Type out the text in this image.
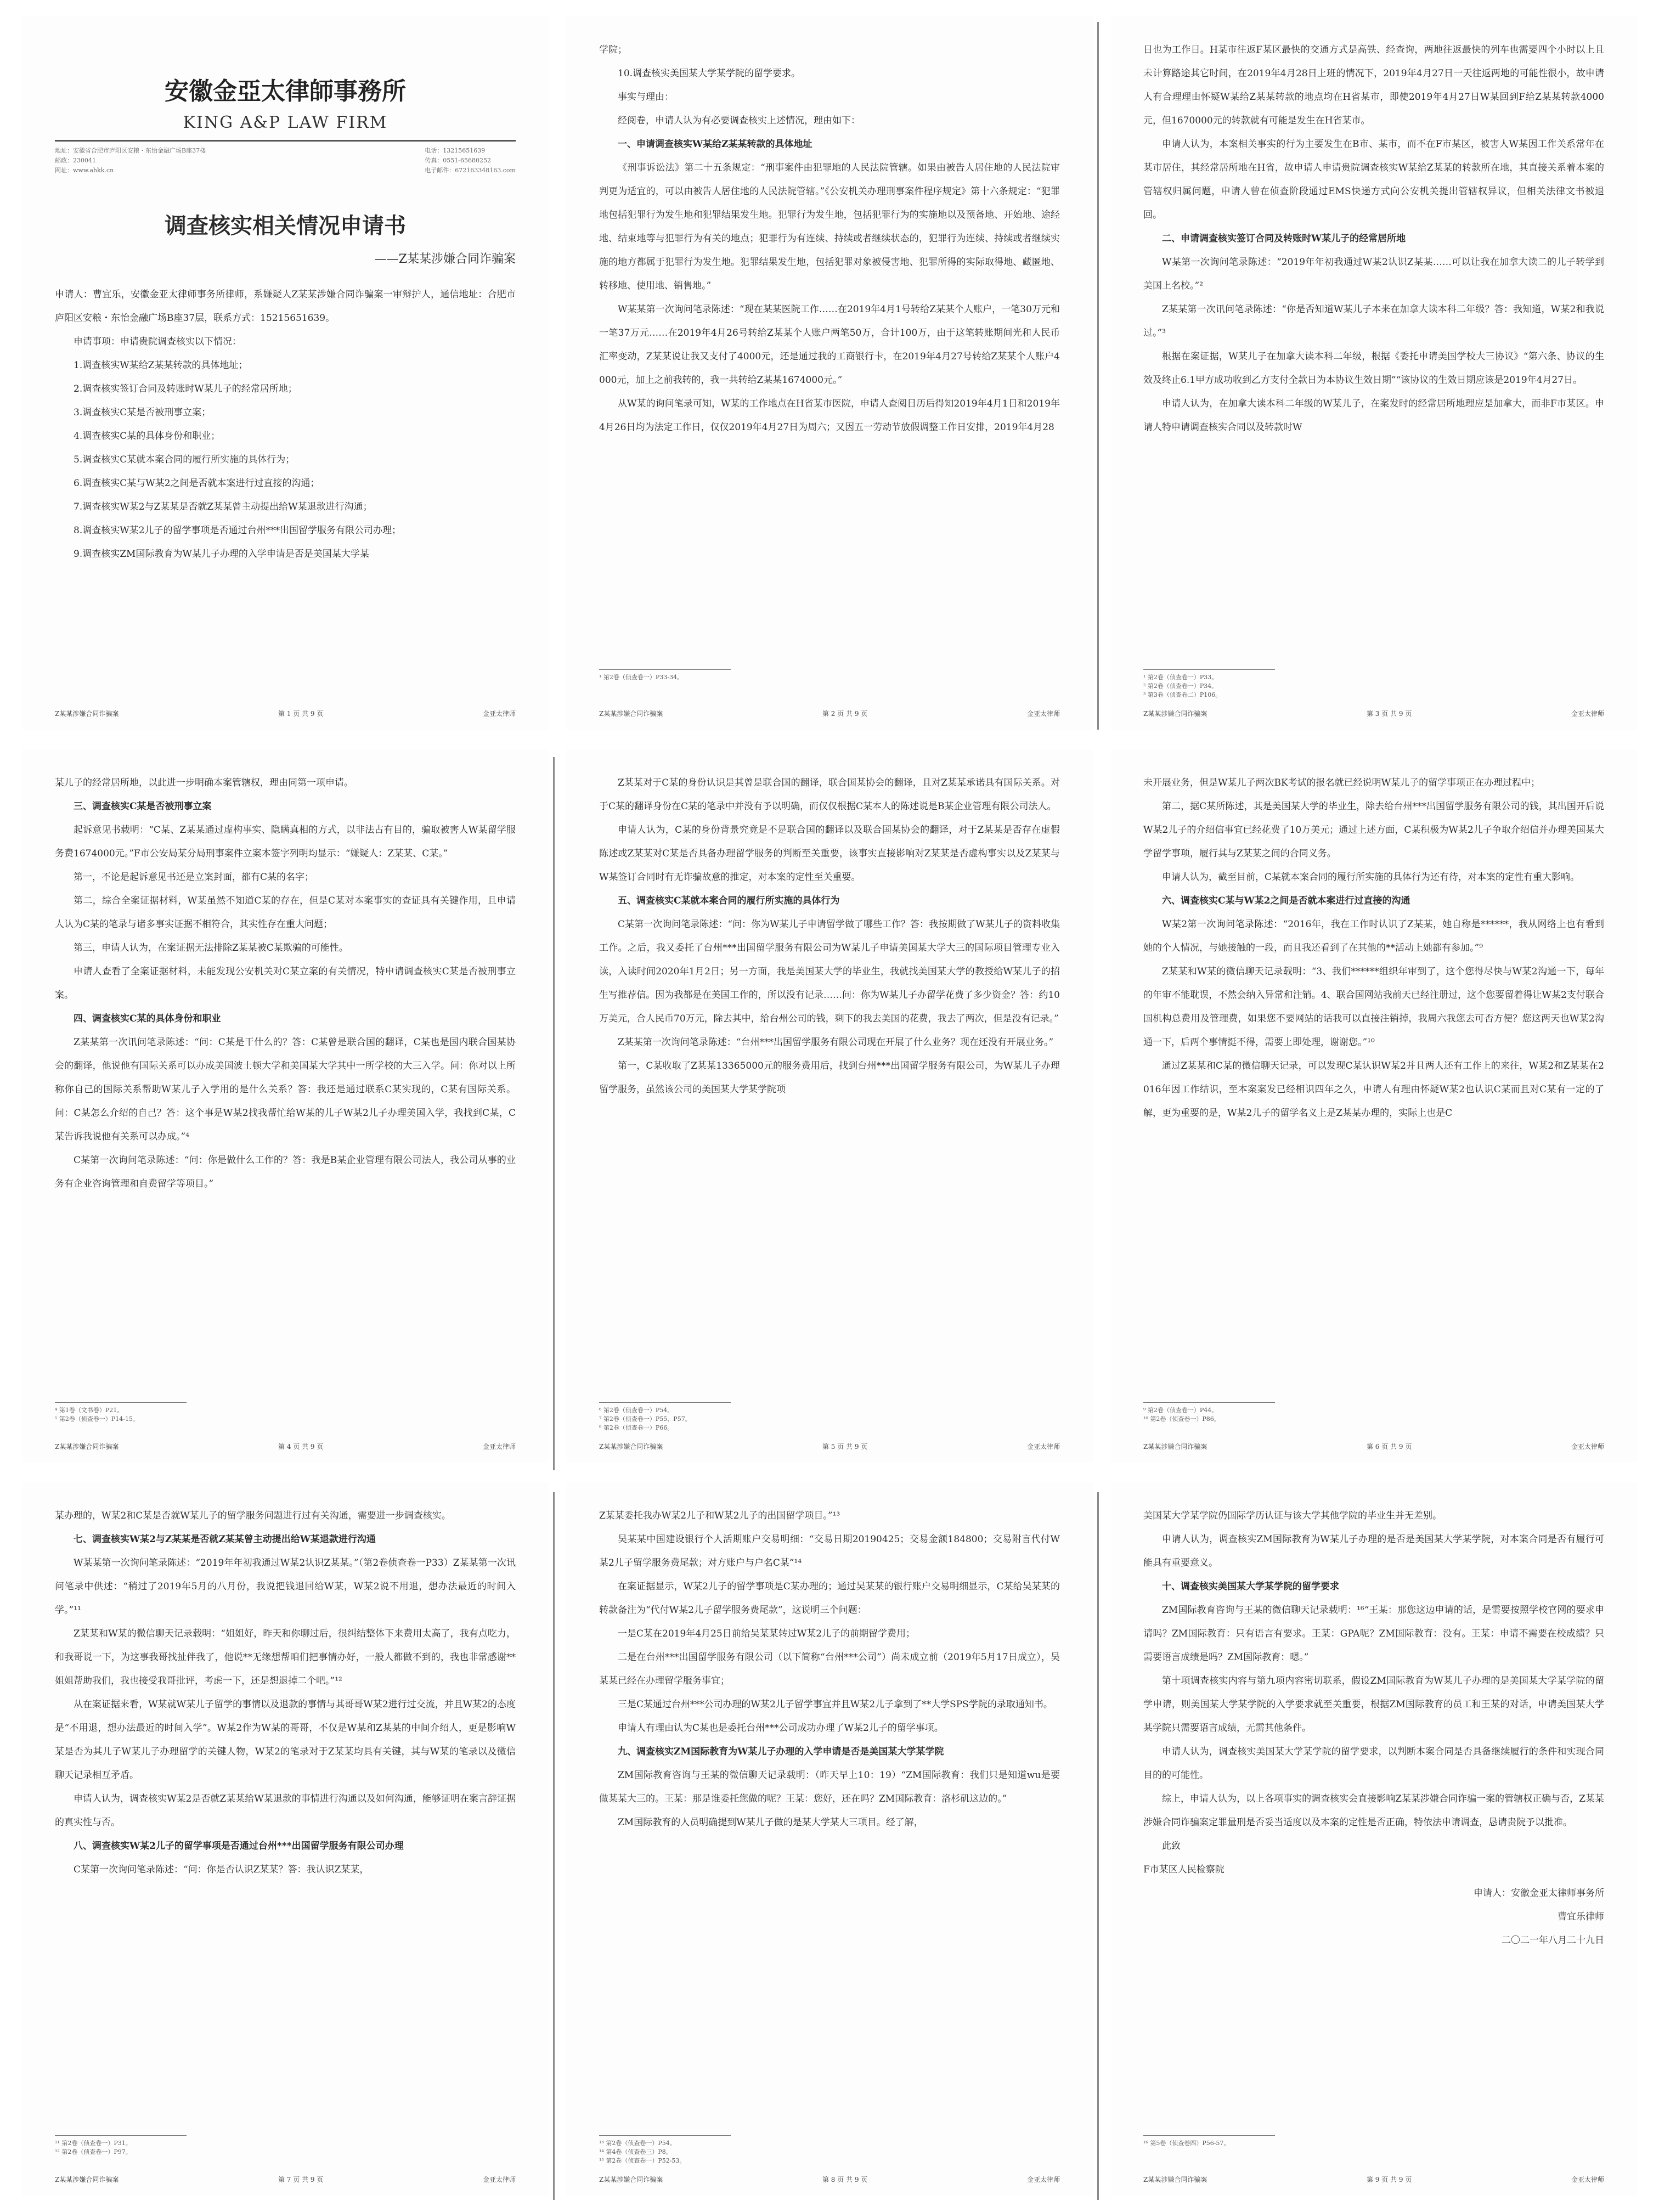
安徽金亞太律師事務所
KING A&P LAW FIRM
地址：安徽省合肥市庐阳区安粮・东怡金融广场B座37楼
邮政：230041
网址：www.ahkk.cn
电话：13215651639
传真：0551-65680252
电子邮件：672163348163.com
调查核实相关情况申请书
——Z某某涉嫌合同诈骗案

申请人：曹宜乐，安徽金亚太律师事务所律师，系嫌疑人Z某某涉嫌合同诈骗案一审辩护人，通信地址：合肥市庐阳区安粮・东怡金融广场B座37层，联系方式：15215651639。

申请事项：申请贵院调查核实以下情况：

1.调查核实W某给Z某某转款的具体地址；

2.调查核实签订合同及转账时W某儿子的经常居所地；

3.调查核实C某是否被刑事立案；

4.调查核实C某的具体身份和职业；

5.调查核实C某就本案合同的履行所实施的具体行为；

6.调查核实C某与W某2之间是否就本案进行过直接的沟通；

7.调查核实W某2与Z某某是否就Z某某曾主动提出给W某退款进行沟通；

8.调查核实W某2儿子的留学事项是否通过台州***出国留学服务有限公司办理；

9.调查核实ZM国际教育为W某儿子办理的入学申请是否是美国某大学某

Z某某涉嫌合同诈骗案	第 1 页 共 9 页	金亚太律师

学院；

10.调查核实美国某大学某学院的留学要求。

事实与理由：

经阅卷，申请人认为有必要调查核实上述情况，理由如下：

一、申请调查核实W某给Z某某转款的具体地址

《刑事诉讼法》第二十五条规定：“刑事案件由犯罪地的人民法院管辖。如果由被告人居住地的人民法院审判更为适宜的，可以由被告人居住地的人民法院管辖。”《公安机关办理刑事案件程序规定》第十六条规定：“犯罪地包括犯罪行为发生地和犯罪结果发生地。犯罪行为发生地，包括犯罪行为的实施地以及预备地、开始地、途经地、结束地等与犯罪行为有关的地点；犯罪行为有连续、持续或者继续状态的，犯罪行为连续、持续或者继续实施的地方都属于犯罪行为发生地。犯罪结果发生地，包括犯罪对象被侵害地、犯罪所得的实际取得地、藏匿地、转移地、使用地、销售地。”

W某某第一次询问笔录陈述：“现在某某医院工作……在2019年4月1号转给Z某某个人账户，一笔30万元和一笔37万元……在2019年4月26号转给Z某某个人账户两笔50万，合计100万，由于这笔转账期间光和人民币汇率变动，Z某某说让我又支付了4000元，还是通过我的工商银行卡，在2019年4月27号转给Z某某个人账户4000元，加上之前我转的，我一共转给Z某某1674000元。”

从W某的询问笔录可知，W某的工作地点在H省某市医院，申请人查阅日历后得知2019年4月1日和2019年4月26日均为法定工作日，仅仅2019年4月27日为周六；又因五一劳动节放假调整工作日安排，2019年4月28

¹ 第2卷（侦查卷一）P33-34。
Z某某涉嫌合同诈骗案	第 2 页 共 9 页	金亚太律师

日也为工作日。H某市往返F某区最快的交通方式是高铁、经查询，两地往返最快的列车也需要四个小时以上且未计算路途其它时间，在2019年4月28日上班的情况下，2019年4月27日一天往返两地的可能性很小，故申请人有合理理由怀疑W某给Z某某转款的地点均在H省某市，即使2019年4月27日W某回到F给Z某某转款4000元，但1670000元的转款就有可能是发生在H省某市。

申请人认为，本案相关事实的行为主要发生在B市、某市，而不在F市某区，被害人W某因工作关系常年在某市居住，其经常居所地在H省，故申请人申请贵院调查核实W某给Z某某的转款所在地，其直接关系着本案的管辖权归属问题，申请人曾在侦查阶段通过EMS快递方式向公安机关提出管辖权异议，但相关法律文书被退回。

二、申请调查核实签订合同及转账时W某儿子的经常居所地

W某第一次询问笔录陈述：“2019年年初我通过W某2认识Z某某……可以让我在加拿大读二的儿子转学到美国上名校。”²

Z某某第一次讯问笔录陈述：“你是否知道W某儿子本来在加拿大读本科二年级？答：我知道，W某2和我说过。”³

根据在案证据，W某儿子在加拿大读本科二年级，根据《委托申请美国学校大三协议》“第六条、协议的生效及终止6.1甲方成功收到乙方支付全款日为本协议生效日期”“该协议的生效日期应该是2019年4月27日。

申请人认为，在加拿大读本科二年级的W某儿子，在案发时的经常居所地理应是加拿大，而非F市某区。申请人特申请调查核实合同以及转款时W

¹ 第2卷（侦查卷一）P33。
² 第2卷（侦查卷一）P34。
³ 第3卷（侦查卷二）P106。
Z某某涉嫌合同诈骗案	第 3 页 共 9 页	金亚太律师

某儿子的经常居所地，以此进一步明确本案管辖权，理由同第一项申请。

三、调查核实C某是否被刑事立案

起诉意见书载明：“C某、Z某某通过虚构事实、隐瞒真相的方式，以非法占有目的，骗取被害人W某留学服务费1674000元。”F市公安局某分局刑事案件立案本签字列明均显示：“嫌疑人：Z某某、C某。”

第一，不论是起诉意见书还是立案封面，都有C某的名字；

第二，综合全案证据材料，W某虽然不知道C某的存在，但是C某对本案事实的查证具有关键作用，且申请人认为C某的笔录与诸多事实证据不相符合，其实性存在重大问题；

第三，申请人认为，在案证据无法排除Z某某被C某欺骗的可能性。

申请人查看了全案证据材料，未能发现公安机关对C某立案的有关情况，特申请调查核实C某是否被刑事立案。

四、调查核实C某的具体身份和职业

Z某某第一次讯问笔录陈述：“问：C某是干什么的？答：C某曾是联合国的翻译，C某也是国内联合国某协会的翻译，他说他有国际关系可以办成美国波士顿大学和美国某大学其中一所学校的大三入学。问：你对以上所称你自己的国际关系帮助W某儿子入学用的是什么关系？答：我还是通过联系C某实现的，C某有国际关系。问：C某怎么介绍的自己？答：这个事是W某2找我帮忙给W某的儿子W某2儿子办理美国入学，我找到C某，C某告诉我说他有关系可以办成。”⁴

C某第一次询问笔录陈述：“问：你是做什么工作的？答：我是B某企业管理有限公司法人，我公司从事的业务有企业咨询管理和自费留学等项目。”

⁴ 第1卷（文书卷）P21。
⁵ 第2卷（侦查卷一）P14-15。
Z某某涉嫌合同诈骗案	第 4 页 共 9 页	金亚太律师

Z某某对于C某的身份认识是其曾是联合国的翻译，联合国某协会的翻译，且对Z某某承诺具有国际关系。对于C某的翻译身份在C某的笔录中并没有予以明确，而仅仅根据C某本人的陈述说是B某企业管理有限公司法人。

申请人认为，C某的身份背景究竟是不是联合国的翻译以及联合国某协会的翻译，对于Z某某是否存在虚假陈述或Z某某对C某是否具备办理留学服务的判断至关重要，该事实直接影响对Z某某是否虚构事实以及Z某某与W某签订合同时有无诈骗故意的推定，对本案的定性至关重要。

五、调查核实C某就本案合同的履行所实施的具体行为

C某第一次询问笔录陈述：“问：你为W某儿子申请留学做了哪些工作？答：我按期做了W某儿子的资料收集工作。之后，我又委托了台州***出国留学服务有限公司为W某儿子申请美国某大学大三的国际项目管理专业入读，入读时间2020年1月2日；另一方面，我是美国某大学的毕业生，我就找美国某大学的教授给W某儿子的招生写推荐信。因为我都是在美国工作的，所以没有记录……问：你为W某儿子办留学花费了多少资金？答：约10万美元，合人民币70万元，除去其中，给台州公司的钱，剩下的我去美国的花费，我去了两次，但是没有记录。”

Z某某第一次询问笔录陈述：“台州***出国留学服务有限公司现在开展了什么业务？现在还没有开展业务。”

第一，C某收取了Z某某13365000元的服务费用后，找到台州***出国留学服务有限公司，为W某儿子办理留学服务，虽然该公司的美国某大学某学院项

⁶ 第2卷（侦查卷一）P54。
⁷ 第2卷（侦查卷一）P55、P57。
⁸ 第2卷（侦查卷一）P66。
Z某某涉嫌合同诈骗案	第 5 页 共 9 页	金亚太律师

未开展业务，但是W某儿子两次BK考试的报名就已经说明W某儿子的留学事项正在办理过程中；

第二，据C某所陈述，其是美国某大学的毕业生，除去给台州***出国留学服务有限公司的钱，其出国开后说W某2儿子的介绍信事宜已经花费了10万美元；通过上述方面，C某积极为W某2儿子争取介绍信并办理美国某大学留学事项，履行其与Z某某之间的合同义务。

申请人认为，截至目前，C某就本案合同的履行所实施的具体行为还有待，对本案的定性有重大影响。

六、调查核实C某与W某2之间是否就本案进行过直接的沟通

W某2第一次询问笔录陈述：“2016年，我在工作时认识了Z某某，她自称是******，我从网络上也有看到她的个人情况，与她接触的一段，而且我还看到了在其他的**活动上她都有参加。”⁹

Z某某和W某的微信聊天记录载明：“3、我们******组织年审到了，这个您得尽快与W某2沟通一下，每年的年审不能耽误，不然会纳入异常和注销。4、联合国网站我前天已经注册过，这个您要留着得让W某2支付联合国机构总费用及管理费，如果您不要网站的话我可以直接注销掉，我周六我您去可否方便？您这两天也W某2沟通一下，后两个事情挺不得，需要上即处理，谢谢您。”¹⁰

通过Z某某和C某的微信聊天记录，可以发现C某认识W某2并且两人还有工作上的来往，W某2和Z某某在2016年因工作结识，至本案案发已经相识四年之久，申请人有理由怀疑W某2也认识C某而且对C某有一定的了解，更为重要的是，W某2儿子的留学名义上是Z某某办理的，实际上也是C

⁹ 第2卷（侦查卷一）P44。
¹⁰ 第2卷（侦查卷一）P86。
Z某某涉嫌合同诈骗案	第 6 页 共 9 页	金亚太律师

某办理的，W某2和C某是否就W某儿子的留学服务问题进行过有关沟通，需要进一步调查核实。

七、调查核实W某2与Z某某是否就Z某某曾主动提出给W某退款进行沟通

W某某第一次询问笔录陈述：“2019年年初我通过W某2认识Z某某。”（第2卷侦查卷一P33）Z某某第一次讯问笔录中供述：“稍过了2019年5月的八月份，我说把钱退回给W某，W某2说不用退，想办法最近的时间入学。”¹¹

Z某某和W某的微信聊天记录载明：“姐姐好，昨天和你聊过后，很纠结整体下来费用太高了，我有点吃力，和我哥说一下，为这事我哥找扯伴我了，他说**无缘想帮咱们把事情办好，一般人都做不到的，我也非常感谢**姐姐帮助我们，我也接受我哥批评，考虑一下，还是想退掉二个吧。”¹²

从在案证据来看，W某就W某儿子留学的事情以及退款的事情与其哥哥W某2进行过交流，并且W某2的态度是“不用退，想办法最近的时间入学”。W某2作为W某的哥哥，不仅是W某和Z某某的中间介绍人，更是影响W某是否为其儿子W某儿子办理留学的关键人物，W某2的笔录对于Z某某均具有关键，其与W某的笔录以及微信聊天记录相互矛盾。

申请人认为，调查核实W某2是否就Z某某给W某退款的事情进行沟通以及如何沟通，能够证明在案言辞证据的真实性与否。

八、调查核实W某2儿子的留学事项是否通过台州***出国留学服务有限公司办理

C某第一次询问笔录陈述：“问：你是否认识Z某某？答：我认识Z某某，

¹¹ 第2卷（侦查卷一）P31。
¹² 第2卷（侦查卷一）P97。
Z某某涉嫌合同诈骗案	第 7 页 共 9 页	金亚太律师

Z某某委托我办W某2儿子和W某2儿子的出国留学项目。”¹³

吴某某中国建设银行个人活期账户交易明细：“交易日期20190425；交易金额184800；交易附言代付W某2儿子留学服务费尾款；对方账户与户名C某”¹⁴

在案证据显示，W某2儿子的留学事项是C某办理的；通过吴某某的银行账户交易明细显示，C某给吴某某的转款备注为“代付W某2儿子留学服务费尾款”，这说明三个问题：

一是C某在2019年4月25日前给吴某某转过W某2儿子的前期留学费用；

二是在台州***出国留学服务有限公司（以下简称“台州***公司”）尚未成立前（2019年5月17日成立），吴某某已经在办理留学服务事宜；

三是C某通过台州***公司办理的W某2儿子留学事宜并且W某2儿子拿到了**大学SPS学院的录取通知书。

申请人有理由认为C某也是委托台州***公司成功办理了W某2儿子的留学事项。

九、调查核实ZM国际教育为W某儿子办理的入学申请是否是美国某大学某学院

ZM国际教育咨询与王某的微信聊天记录载明：（昨天早上10：19）“ZM国际教育：我们只是知道wu是要做某某大三的。王某：那是谁委托您做的呢？王某：您好，还在吗？ZM国际教育：洛杉矶这边的。”

ZM国际教育的人员明确提到W某儿子做的是某大学某大三项目。经了解，

¹³ 第2卷（侦查卷一）P54。
¹⁴ 第4卷（侦查卷三）P8。
¹⁵ 第2卷（侦查卷一）P52-53。
Z某某涉嫌合同诈骗案	第 8 页 共 9 页	金亚太律师

美国某大学某学院仍国际学历认证与该大学其他学院的毕业生并无差别。

申请人认为，调查核实ZM国际教育为W某儿子办理的是否是美国某大学某学院，对本案合同是否有履行可能具有重要意义。

十、调查核实美国某大学某学院的留学要求

ZM国际教育咨询与王某的微信聊天记录载明：¹⁶“王某：那您这边申请的话，是需要按照学校官网的要求申请吗？ZM国际教育：只有语言有要求。王某：GPA呢？ZM国际教育：没有。王某：申请不需要在校成绩？只需要语言成绩是吗？ZM国际教育：嗯。”

第十项调查核实内容与第九项内容密切联系，假设ZM国际教育为W某儿子办理的是美国某大学某学院的留学申请，则美国某大学某学院的入学要求就至关重要，根据ZM国际教育的员工和王某的对话，申请美国某大学某学院只需要语言成绩，无需其他条件。

申请人认为，调查核实美国某大学某学院的留学要求，以判断本案合同是否具备继续履行的条件和实现合同目的的可能性。

综上，申请人认为，以上各项事实的调查核实会直接影响Z某某涉嫌合同诈骗一案的管辖权正确与否，Z某某涉嫌合同诈骗案定罪量刑是否妥当适度以及本案的定性是否正确，特依法申请调查，恳请贵院予以批准。

此致

F市某区人民检察院

申请人：安徽金亚太律师事务所

曹宜乐律师

二〇二一年八月二十九日

¹⁶ 第5卷（侦查卷四）P56-57。
Z某某涉嫌合同诈骗案	第 9 页 共 9 页	金亚太律师
